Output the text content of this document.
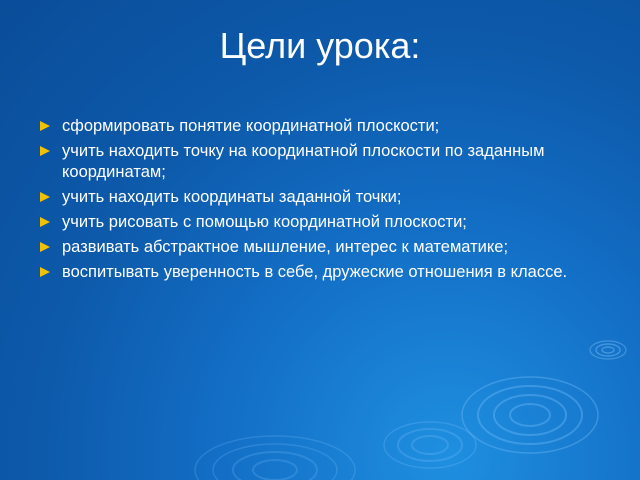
Цели урока:
сформировать понятие координатной плоскости;
учить находить точку на координатной плоскости по заданным координатам;
учить находить координаты заданной точки;
учить рисовать с помощью координатной плоскости;
развивать абстрактное мышление, интерес к математике;
воспитывать уверенность в себе, дружеские отношения в классе.
